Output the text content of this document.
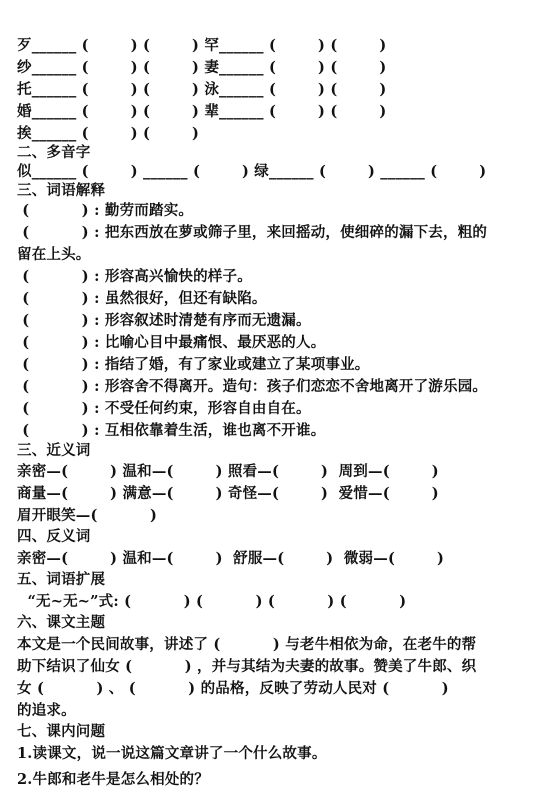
歹______ (        ) (        ) 罕______ (        ) (        )
纱______ (        ) (        ) 妻______ (        ) (        )
托______ (        ) (        ) 泳______ (        ) (        )
婚______ (        ) (        ) 辈______ (        ) (        )
挨______ (        ) (        )
二、多音字
似______ (        ) ______ (        ) 绿______ (        ) ______ (        )
三、词语解释
(          ) : 勤劳而踏实。
(          ) : 把东西放在萝或筛子里，来回摇动，使细碎的漏下去，粗的
留在上头。
(          ) : 形容高兴愉快的样子。
(          ) : 虽然很好，但还有缺陷。
(          ) : 形容叙述时清楚有序而无遗漏。
(          ) : 比喻心目中最痛恨、最厌恶的人。
(          ) : 指结了婚，有了家业或建立了某项事业。
(          ) : 形容舍不得离开。造句：孩子们恋恋不舍地离开了游乐园。
(          ) : 不受任何约束，形容自由自在。
(          ) : 互相依靠着生活，谁也离不开谁。
三、近义词
亲密—(        ) 温和—(        ) 照看—(        )  周到—(        )
商量—(        ) 满意—(        ) 奇怪—(        )  爱惜—(        )
眉开眼笑—(          )
四、反义词
亲密—(        ) 温和—(        )  舒服—(        )  微弱—(        )
五、词语扩展
“无~无~”式: (          ) (          ) (          ) (          )
六、课文主题
本文是一个民间故事，讲述了 (          ) 与老牛相依为命，在老牛的帮
助下结识了仙女 (          ) ，并与其结为夫妻的故事。赞美了牛郎、织
女 (          ) 、 (          ) 的品格，反映了劳动人民对 (          )
的追求。
七、课内问题
1.读课文，说一说这篇文章讲了一个什么故事。
2.牛郎和老牛是怎么相处的？
